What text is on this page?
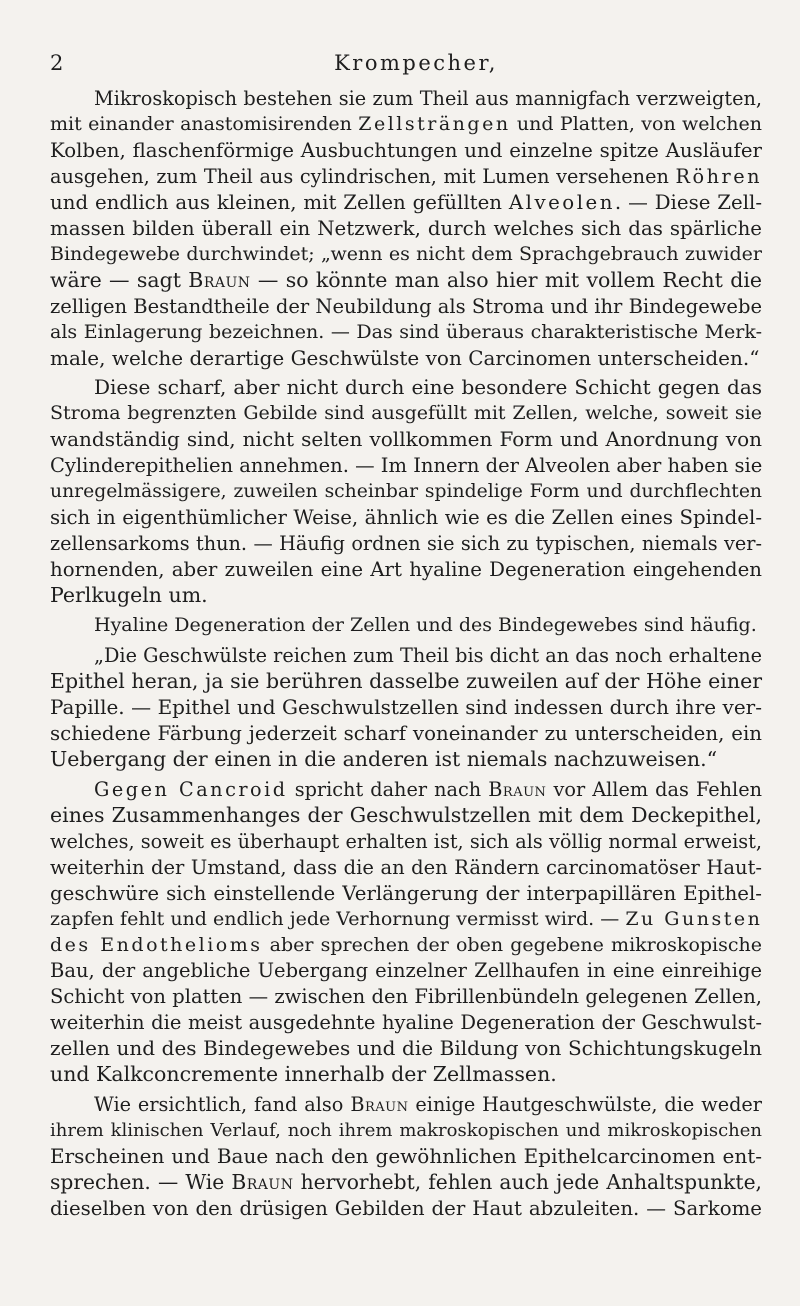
2	Krompecher,
Mikroskopisch bestehen sie zum Theil aus mannigfach verzweigten,
mit einander anastomisirenden Zellsträngen und Platten, von welchen
Kolben, flaschenförmige Ausbuchtungen und einzelne spitze Ausläufer
ausgehen, zum Theil aus cylindrischen, mit Lumen versehenen Röhren
und endlich aus kleinen, mit Zellen gefüllten Alveolen. — Diese Zell-
massen bilden überall ein Netzwerk, durch welches sich das spärliche
Bindegewebe durchwindet; „wenn es nicht dem Sprachgebrauch zuwider
wäre — sagt Braun — so könnte man also hier mit vollem Recht die
zelligen Bestandtheile der Neubildung als Stroma und ihr Bindegewebe
als Einlagerung bezeichnen. — Das sind überaus charakteristische Merk-
male, welche derartige Geschwülste von Carcinomen unterscheiden.“
Diese scharf, aber nicht durch eine besondere Schicht gegen das
Stroma begrenzten Gebilde sind ausgefüllt mit Zellen, welche, soweit sie
wandständig sind, nicht selten vollkommen Form und Anordnung von
Cylinderepithelien annehmen. — Im Innern der Alveolen aber haben sie
unregelmässigere, zuweilen scheinbar spindelige Form und durchflechten
sich in eigenthümlicher Weise, ähnlich wie es die Zellen eines Spindel-
zellensarkoms thun. — Häufig ordnen sie sich zu typischen, niemals ver-
hornenden, aber zuweilen eine Art hyaline Degeneration eingehenden
Perlkugeln um.
Hyaline Degeneration der Zellen und des Bindegewebes sind häufig.
„Die Geschwülste reichen zum Theil bis dicht an das noch erhaltene
Epithel heran, ja sie berühren dasselbe zuweilen auf der Höhe einer
Papille. — Epithel und Geschwulstzellen sind indessen durch ihre ver-
schiedene Färbung jederzeit scharf voneinander zu unterscheiden, ein
Uebergang der einen in die anderen ist niemals nachzuweisen.“
Gegen Cancroid spricht daher nach Braun vor Allem das Fehlen
eines Zusammenhanges der Geschwulstzellen mit dem Deckepithel,
welches, soweit es überhaupt erhalten ist, sich als völlig normal erweist,
weiterhin der Umstand, dass die an den Rändern carcinomatöser Haut-
geschwüre sich einstellende Verlängerung der interpapillären Epithel-
zapfen fehlt und endlich jede Verhornung vermisst wird. — Zu Gunsten
des Endothelioms aber sprechen der oben gegebene mikroskopische
Bau, der angebliche Uebergang einzelner Zellhaufen in eine einreihige
Schicht von platten — zwischen den Fibrillenbündeln gelegenen Zellen,
weiterhin die meist ausgedehnte hyaline Degeneration der Geschwulst-
zellen und des Bindegewebes und die Bildung von Schichtungskugeln
und Kalkconcremente innerhalb der Zellmassen.
Wie ersichtlich, fand also Braun einige Hautgeschwülste, die weder
ihrem klinischen Verlauf, noch ihrem makroskopischen und mikroskopischen
Erscheinen und Baue nach den gewöhnlichen Epithelcarcinomen ent-
sprechen. — Wie Braun hervorhebt, fehlen auch jede Anhaltspunkte,
dieselben von den drüsigen Gebilden der Haut abzuleiten. — Sarkome
